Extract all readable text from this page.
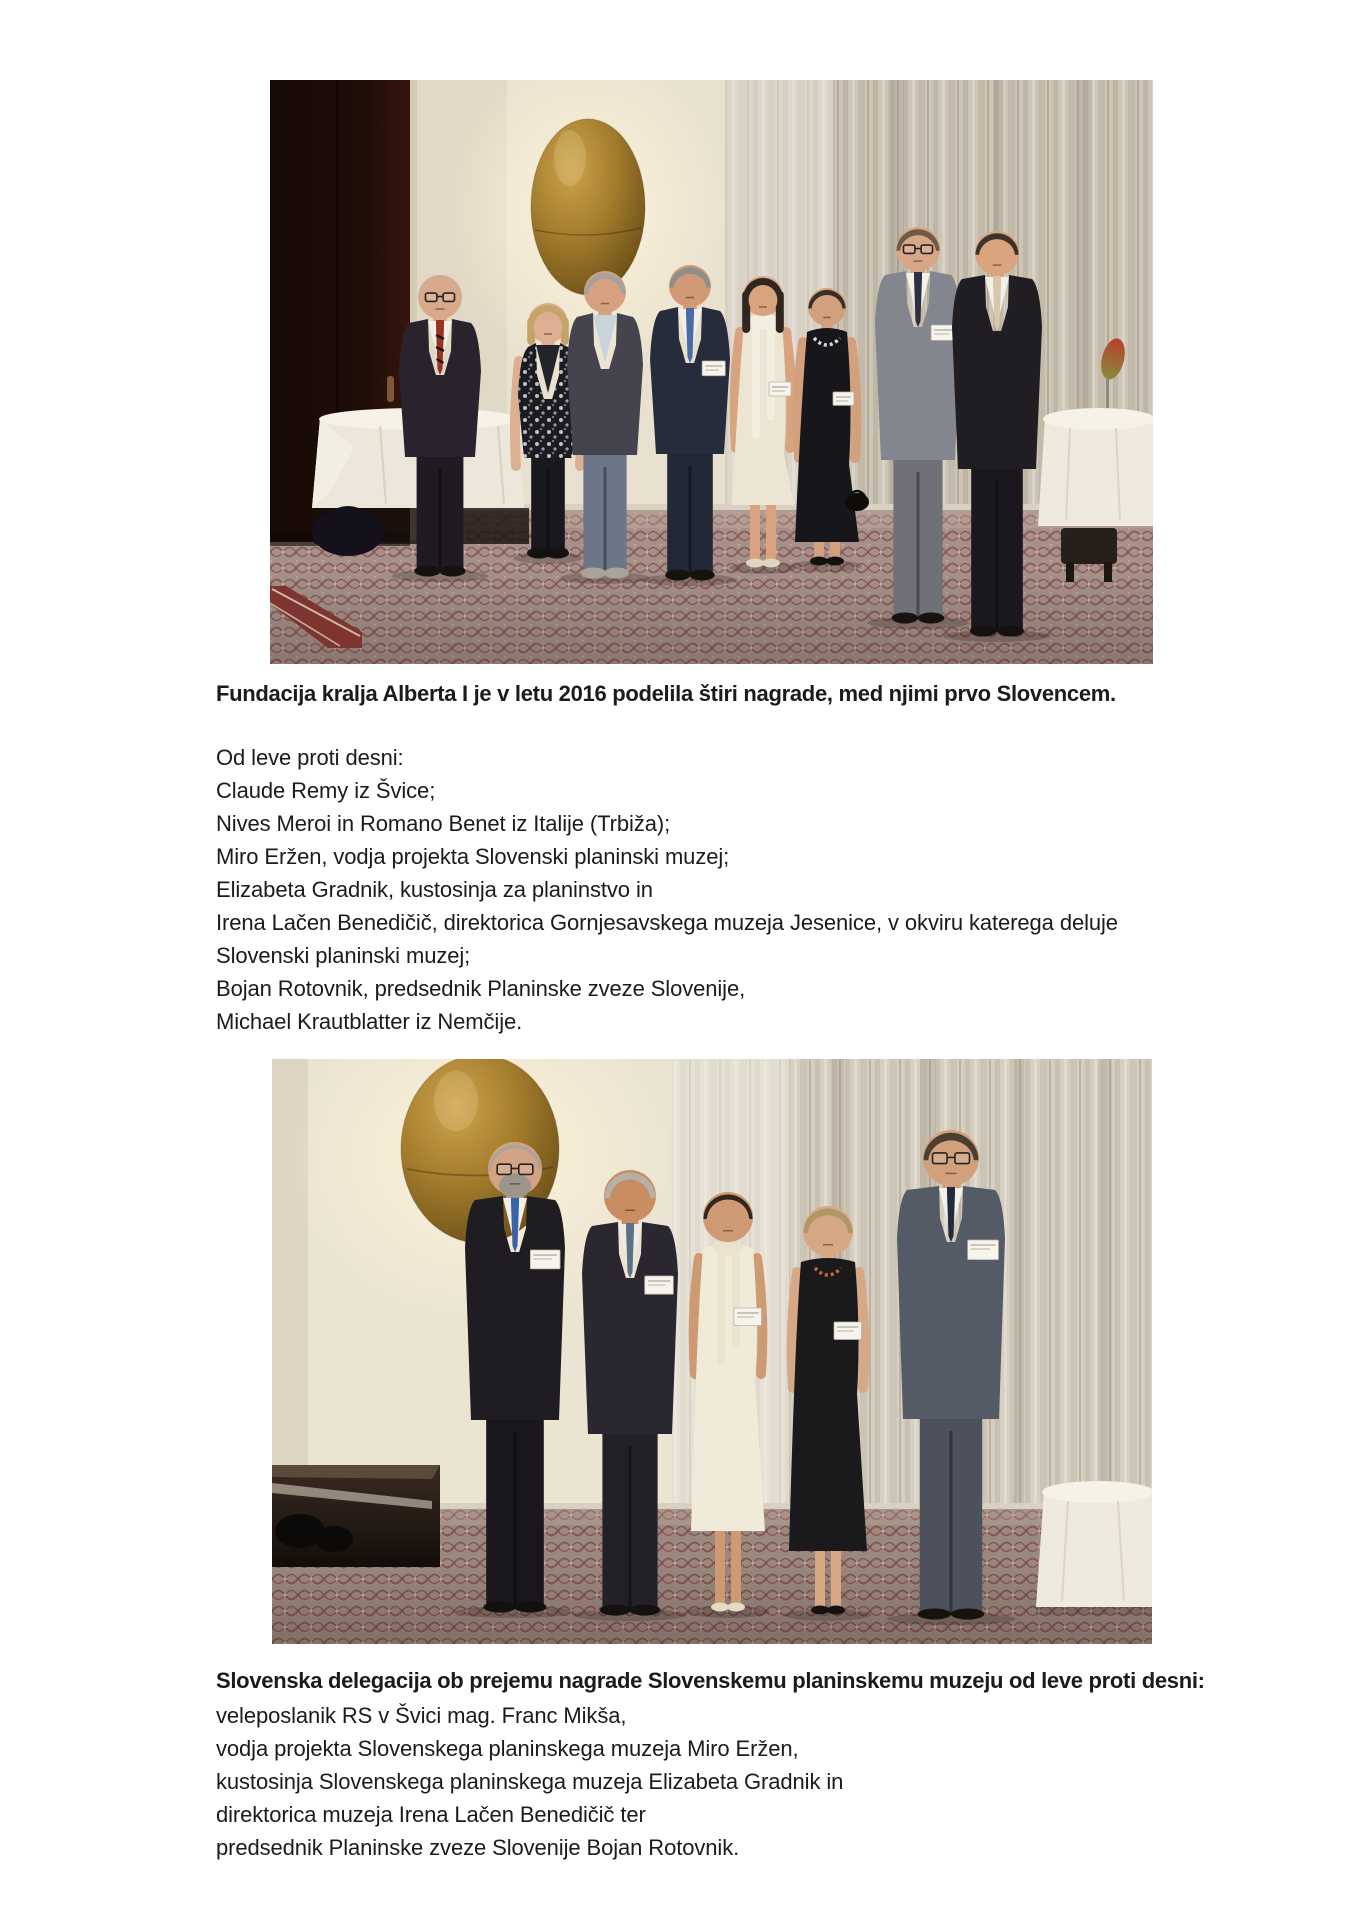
Fundacija kralja Alberta I je v letu 2016 podelila štiri nagrade, med njimi prvo Slovencem.
Od leve proti desni:
Claude Remy iz Švice;
Nives Meroi in Romano Benet iz Italije (Trbiža);
Miro Eržen, vodja projekta Slovenski planinski muzej;
Elizabeta Gradnik, kustosinja za planinstvo in
Irena Lačen Benedičič, direktorica Gornjesavskega muzeja Jesenice, v okviru katerega deluje
Slovenski planinski muzej;
Bojan Rotovnik, predsednik Planinske zveze Slovenije,
Michael Krautblatter iz Nemčije.
Slovenska delegacija ob prejemu nagrade Slovenskemu planinskemu muzeju od leve proti desni:
veleposlanik RS v Švici mag. Franc Mikša,
vodja projekta Slovenskega planinskega muzeja Miro Eržen,
kustosinja Slovenskega planinskega muzeja Elizabeta Gradnik in
direktorica muzeja Irena Lačen Benedičič ter
predsednik Planinske zveze Slovenije Bojan Rotovnik.
